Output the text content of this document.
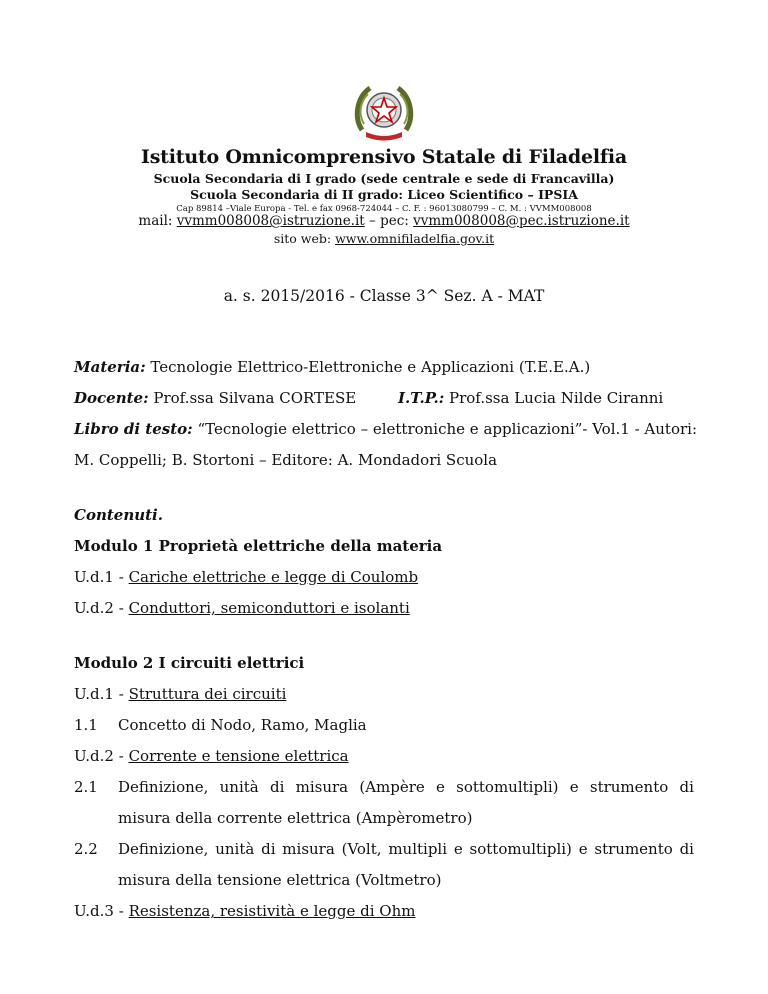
Istituto Omnicomprensivo Statale di Filadelfia
Scuola Secondaria di I grado (sede centrale e sede di Francavilla)
Scuola Secondaria di II grado: Liceo Scientifico – IPSIA
Cap 89814 –Viale Europa - Tel. e fax 0968-724044 – C. F. : 96013080799 – C. M. : VVMM008008
mail: vvmm008008@istruzione.it – pec: vvmm008008@pec.istruzione.it
sito web: www.omnifiladelfia.gov.it
a. s. 2015/2016 - Classe 3^ Sez. A - MAT
Materia: Tecnologie Elettrico-Elettroniche e Applicazioni (T.E.E.A.)
Docente: Prof.ssa Silvana CORTESE	I.T.P.: Prof.ssa Lucia Nilde Ciranni
Libro di testo: “Tecnologie elettrico – elettroniche e applicazioni”- Vol.1 - Autori:
M. Coppelli; B. Stortoni – Editore: A. Mondadori Scuola
Contenuti.
Modulo 1 Proprietà elettriche della materia
U.d.1 - Cariche elettriche e legge di Coulomb
U.d.2 - Conduttori, semiconduttori e isolanti
Modulo 2 I circuiti elettrici
U.d.1 - Struttura dei circuiti
1.1 Concetto di Nodo, Ramo, Maglia
U.d.2 - Corrente e tensione elettrica
2.1 Definizione, unità di misura (Ampère e sottomultipli) e strumento di
misura della corrente elettrica (Ampèrometro)
2.2 Definizione, unità di misura (Volt, multipli e sottomultipli) e strumento di
misura della tensione elettrica (Voltmetro)
U.d.3 - Resistenza, resistività e legge di Ohm
